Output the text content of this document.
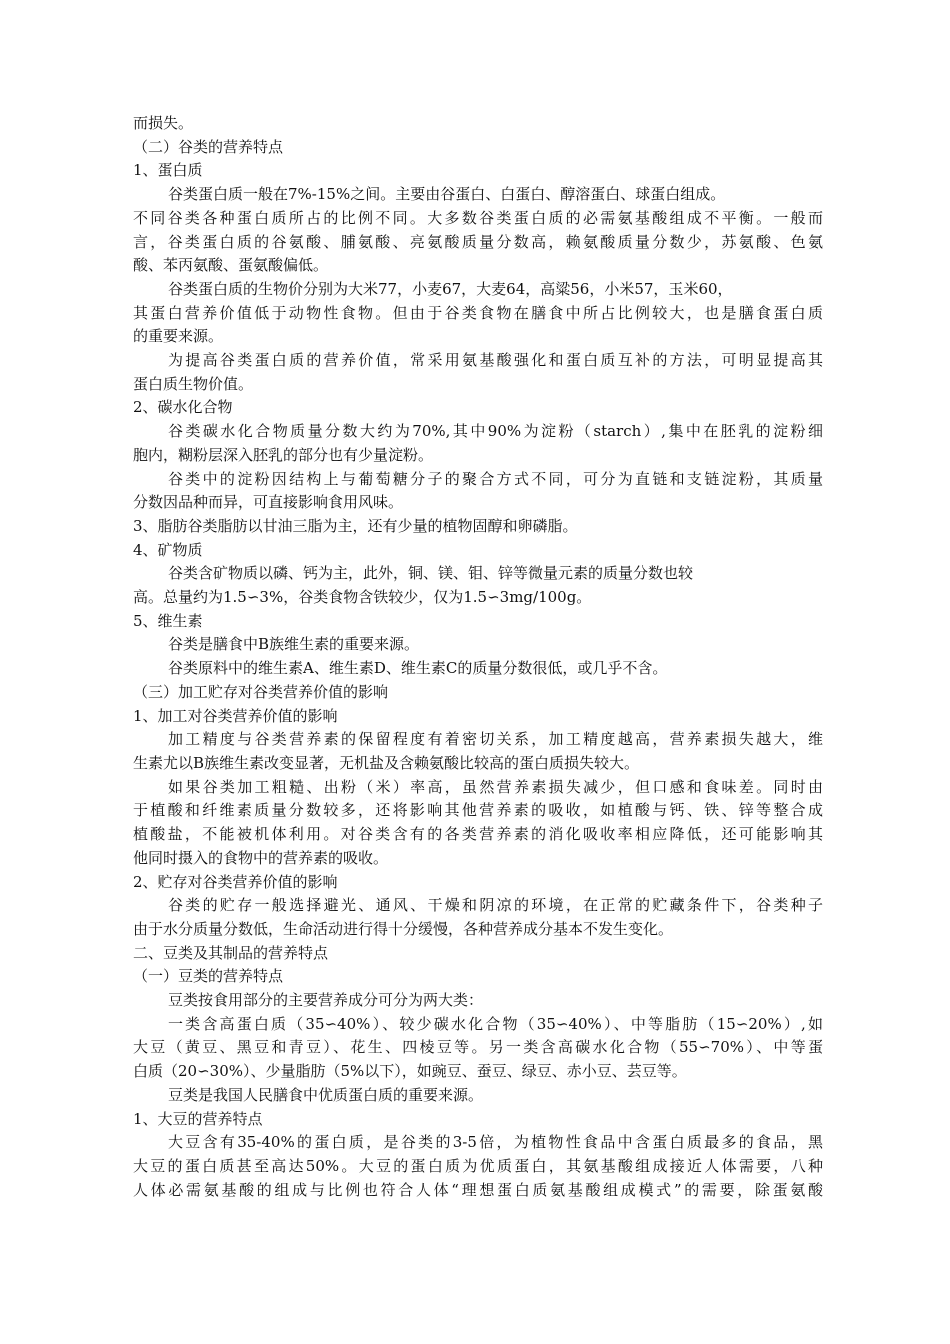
而损失。
（二）谷类的营养特点
1、蛋白质
谷类蛋白质一般在7%-15%之间。主要由谷蛋白、白蛋白、醇溶蛋白、球蛋白组成。
不同谷类各种蛋白质所占的比例不同。大多数谷类蛋白质的必需氨基酸组成不平衡。一般而
言，谷类蛋白质的谷氨酸、脯氨酸、亮氨酸质量分数高，赖氨酸质量分数少，苏氨酸、色氨
酸、苯丙氨酸、蛋氨酸偏低。
谷类蛋白质的生物价分别为大米77，小麦67，大麦64，高粱56，小米57，玉米60，
其蛋白营养价值低于动物性食物。但由于谷类食物在膳食中所占比例较大，也是膳食蛋白质
的重要来源。
为提高谷类蛋白质的营养价值，常采用氨基酸强化和蛋白质互补的方法，可明显提高其
蛋白质生物价值。
2、碳水化合物
谷类碳水化合物质量分数大约为70%,其中90%为淀粉（starch）,集中在胚乳的淀粉细
胞内，糊粉层深入胚乳的部分也有少量淀粉。
谷类中的淀粉因结构上与葡萄糖分子的聚合方式不同，可分为直链和支链淀粉，其质量
分数因品种而异，可直接影响食用风味。
3、脂肪谷类脂肪以甘油三脂为主，还有少量的植物固醇和卵磷脂。
4、矿物质
谷类含矿物质以磷、钙为主，此外，铜、镁、钼、锌等微量元素的质量分数也较
高。总量约为1.5∽3%，谷类食物含铁较少，仅为1.5∽3mg/100g。
5、维生素
谷类是膳食中B族维生素的重要来源。
谷类原料中的维生素A、维生素D、维生素C的质量分数很低，或几乎不含。
（三）加工贮存对谷类营养价值的影响
1、加工对谷类营养价值的影响
加工精度与谷类营养素的保留程度有着密切关系，加工精度越高，营养素损失越大，维
生素尤以B族维生素改变显著，无机盐及含赖氨酸比较高的蛋白质损失较大。
如果谷类加工粗糙、出粉（米）率高，虽然营养素损失减少，但口感和食味差。同时由
于植酸和纤维素质量分数较多，还将影响其他营养素的吸收，如植酸与钙、铁、锌等整合成
植酸盐，不能被机体利用。对谷类含有的各类营养素的消化吸收率相应降低，还可能影响其
他同时摄入的食物中的营养素的吸收。
2、贮存对谷类营养价值的影响
谷类的贮存一般选择避光、通风、干燥和阴凉的环境，在正常的贮藏条件下，谷类种子
由于水分质量分数低，生命活动进行得十分缓慢，各种营养成分基本不发生变化。
二、豆类及其制品的营养特点
（一）豆类的营养特点
豆类按食用部分的主要营养成分可分为两大类：
一类含高蛋白质（35∽40%）、较少碳水化合物（35∽40%）、中等脂肪（15∽20%）,如
大豆（黄豆、黑豆和青豆）、花生、四棱豆等。另一类含高碳水化合物（55∽70%）、中等蛋
白质（20∽30%）、少量脂肪（5%以下），如豌豆、蚕豆、绿豆、赤小豆、芸豆等。
豆类是我国人民膳食中优质蛋白质的重要来源。
1、大豆的营养特点
大豆含有35-40%的蛋白质，是谷类的3-5倍，为植物性食品中含蛋白质最多的食品，黑
大豆的蛋白质甚至高达50%。大豆的蛋白质为优质蛋白，其氨基酸组成接近人体需要，八种
人体必需氨基酸的组成与比例也符合人体“理想蛋白质氨基酸组成模式”的需要，除蛋氨酸
